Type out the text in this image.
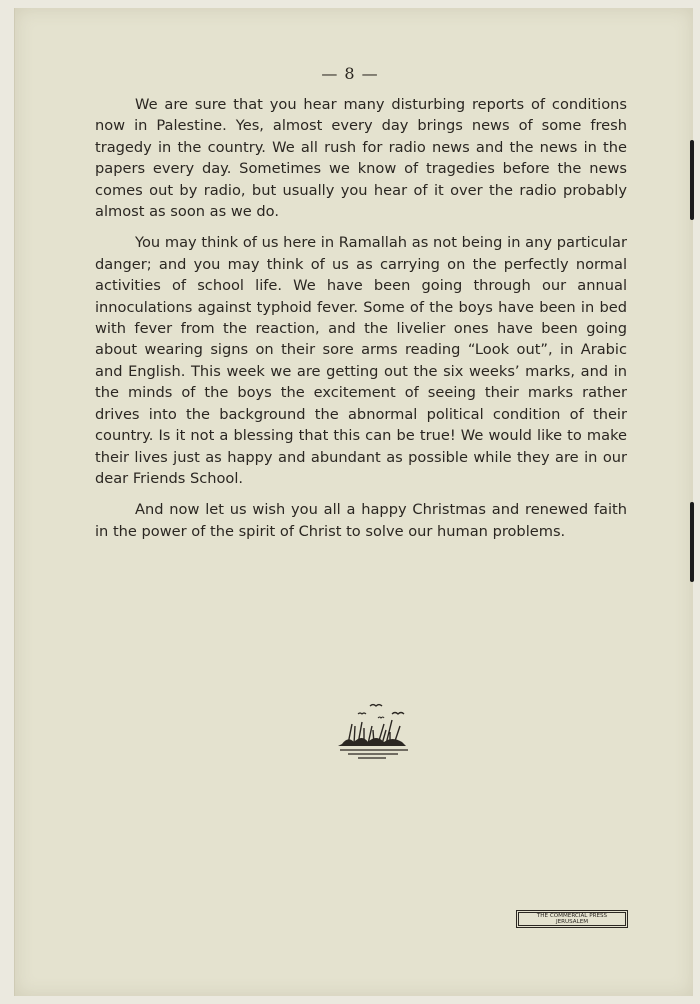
— 8 —

We are sure that you hear many disturbing reports of conditions now in Palestine. Yes, almost every day brings news of some fresh tragedy in the country. We all rush for radio news and the news in the papers every day. Sometimes we know of tragedies before the news comes out by radio, but usually you hear of it over the radio probably almost as soon as we do.

You may think of us here in Ramallah as not being in any particular danger; and you may think of us as carrying on the perfectly normal activities of school life. We have been going through our annual innoculations against typhoid fever. Some of the boys have been in bed with fever from the reaction, and the livelier ones have been going about wearing signs on their sore arms reading “Look out”, in Arabic and English. This week we are getting out the six weeks’ marks, and in the minds of the boys the excitement of seeing their marks rather drives into the background the abnormal political condition of their country. Is it not a blessing that this can be true! We would like to make their lives just as happy and abundant as possible while they are in our dear Friends School.

And now let us wish you all a happy Christmas and renewed faith in the power of the spirit of Christ to solve our human problems.

THE COMMERCIAL PRESS
JERUSALEM
